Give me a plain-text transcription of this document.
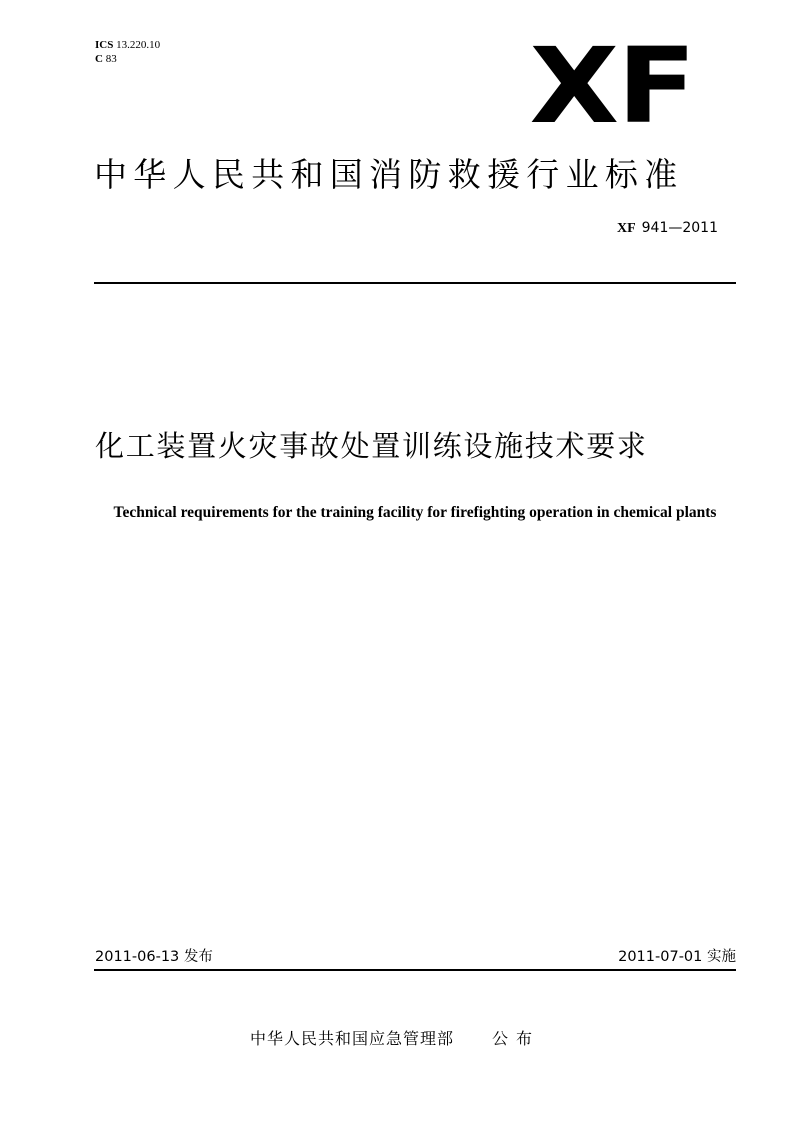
ICS 13.220.10
C 83	XF
中华人民共和国消防救援行业标准
XF 941—2011
化工装置火灾事故处置训练设施技术要求
Technical requirements for the training facility for firefighting operation in chemical plants
2011-06-13 发布	2011-07-01 实施
中华人民共和国应急管理部 公布
